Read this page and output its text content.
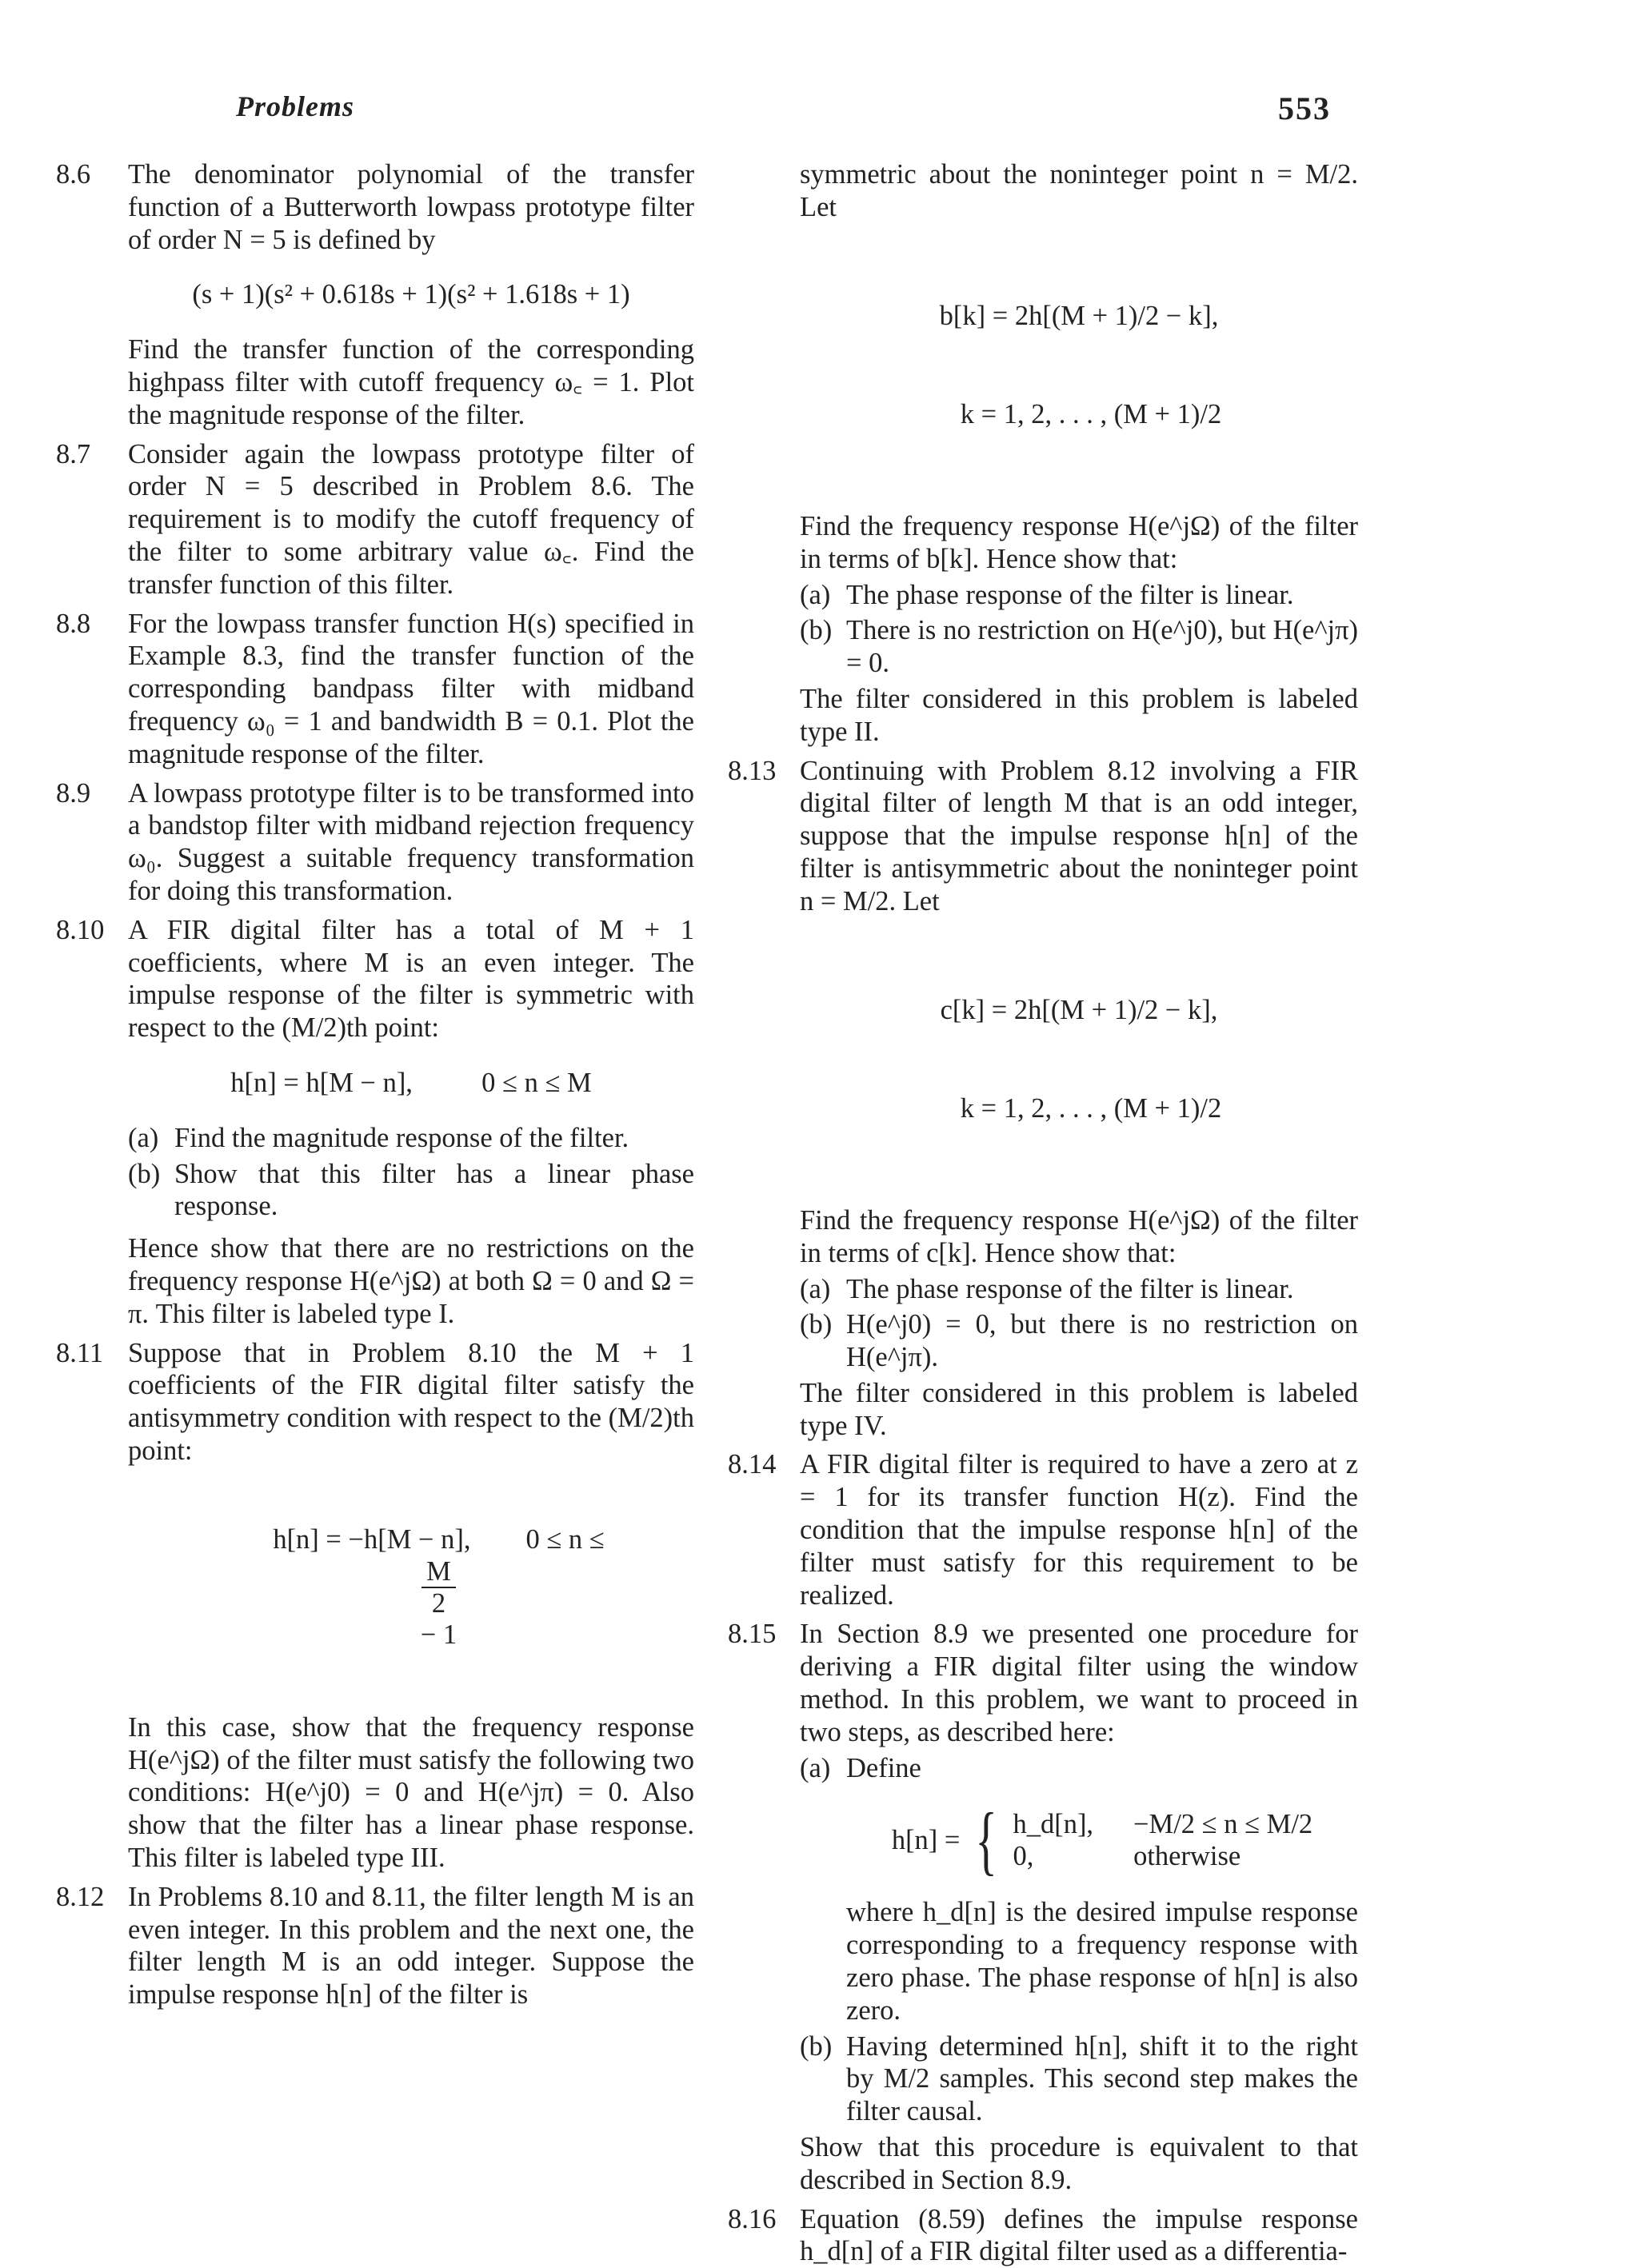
Problems	553
8.6 The denominator polynomial of the transfer function of a Butterworth lowpass prototype filter of order N = 5 is defined by

(s + 1)(s² + 0.618s + 1)(s² + 1.618s + 1)

Find the transfer function of the corresponding highpass filter with cutoff frequency ω꜀ = 1. Plot the magnitude response of the filter.

8.7 Consider again the lowpass prototype filter of order N = 5 described in Problem 8.6. The requirement is to modify the cutoff frequency of the filter to some arbitrary value ω꜀. Find the transfer function of this filter.

8.8 For the lowpass transfer function H(s) specified in Example 8.3, find the transfer function of the corresponding bandpass filter with midband frequency ω₀ = 1 and bandwidth B = 0.1. Plot the magnitude response of the filter.

8.9 A lowpass prototype filter is to be transformed into a bandstop filter with midband rejection frequency ω₀. Suggest a suitable frequency transformation for doing this transformation.

8.10 A FIR digital filter has a total of M + 1 coefficients, where M is an even integer. The impulse response of the filter is symmetric with respect to the (M/2)th point:

h[n] = h[M − n],          0 ≤ n ≤ M
(a) Find the magnitude response of the filter.
(b) Show that this filter has a linear phase response.

Hence show that there are no restrictions on the frequency response H(e^jΩ) at both Ω = 0 and Ω = π. This filter is labeled type I.

8.11 Suppose that in Problem 8.10 the M + 1 coefficients of the FIR digital filter satisfy the antisymmetry condition with respect to the (M/2)th point:

h[n] = −h[M − n],        0 ≤ n ≤

$\frac{M}{2}$

− 1

In this case, show that the frequency response H(e^jΩ) of the filter must satisfy the following two conditions: H(e^j0) = 0 and H(e^jπ) = 0. Also show that the filter has a linear phase response. This filter is labeled type III.

8.12 In Problems 8.10 and 8.11, the filter length M is an even integer. In this problem and the next one, the filter length M is an odd integer. Suppose the impulse response h[n] of the filter is

symmetric about the noninteger point n = M/2. Let

b[k] = 2h[(M + 1)/2 − k],

k = 1, 2, . . . , (M + 1)/2

Find the frequency response H(e^jΩ) of the filter in terms of b[k]. Hence show that:

(a) The phase response of the filter is linear.
(b) There is no restriction on H(e^j0), but H(e^jπ) = 0.

The filter considered in this problem is labeled type II.

8.13 Continuing with Problem 8.12 involving a FIR digital filter of length M that is an odd integer, suppose that the impulse response h[n] of the filter is antisymmetric about the noninteger point n = M/2. Let

c[k] = 2h[(M + 1)/2 − k],

k = 1, 2, . . . , (M + 1)/2

Find the frequency response H(e^jΩ) of the filter in terms of c[k]. Hence show that:

(a) The phase response of the filter is linear.
(b) H(e^j0) = 0, but there is no restriction on H(e^jπ).

The filter considered in this problem is labeled type IV.

8.14 A FIR digital filter is required to have a zero at z = 1 for its transfer function H(z). Find the condition that the impulse response h[n] of the filter must satisfy for this requirement to be realized.

8.15 In Section 8.9 we presented one procedure for deriving a FIR digital filter using the window method. In this problem, we want to proceed in two steps, as described here:

(a) Define
h[n] = { h_d[n], −M/2 ≤ n ≤ M/2
0,	otherwise

where h_d[n] is the desired impulse response corresponding to a frequency response with zero phase. The phase response of h[n] is also zero.

(b) Having determined h[n], shift it to the right by M/2 samples. This second step makes the filter causal.

Show that this procedure is equivalent to that described in Section 8.9.

8.16 Equation (8.59) defines the impulse response h_d[n] of a FIR digital filter used as a differentia-
